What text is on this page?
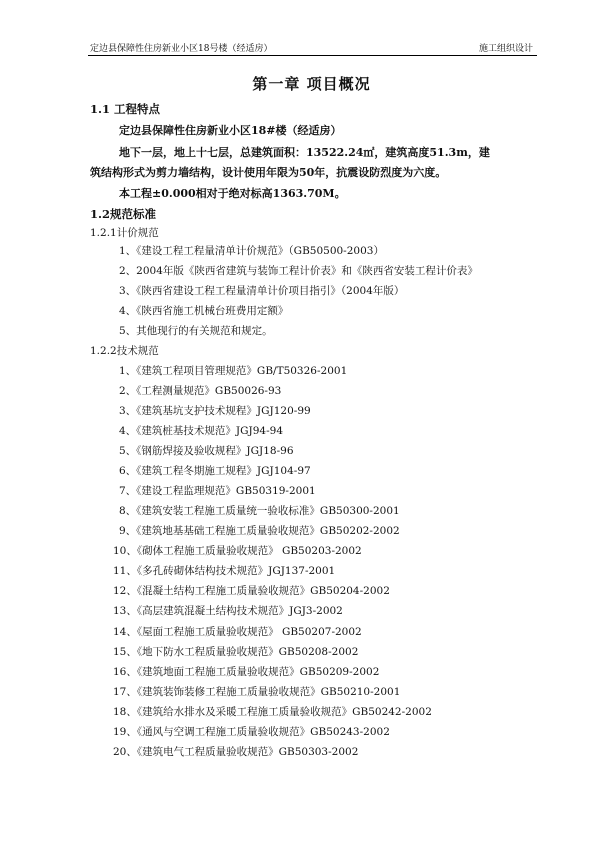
定边县保障性住房新业小区18号楼（经适房）	施工组织设计
第一章 项目概况
1.1 工程特点
定边县保障性住房新业小区18#楼（经适房）
地下一层，地上十七层，总建筑面积：13522.24㎡，建筑高度51.3m，建
筑结构形式为剪力墙结构，设计使用年限为50年，抗震设防烈度为六度。
本工程±0.000相对于绝对标高1363.70M。
1.2规范标准
1.2.1计价规范
1、《建设工程工程量清单计价规范》（GB50500-2003）
2、2004年版《陕西省建筑与装饰工程计价表》和《陕西省安装工程计价表》
3、《陕西省建设工程工程量清单计价项目指引》（2004年版）
4、《陕西省施工机械台班费用定额》
5、其他现行的有关规范和规定。
1.2.2技术规范
1、《建筑工程项目管理规范》GB/T50326-2001
2、《工程测量规范》GB50026-93
3、《建筑基坑支护技术规程》JGJ120-99
4、《建筑桩基技术规范》JGJ94-94
5、《钢筋焊接及验收规程》JGJ18-96
6、《建筑工程冬期施工规程》JGJ104-97
7、《建设工程监理规范》GB50319-2001
8、《建筑安装工程施工质量统一验收标准》GB50300-2001
9、《建筑地基基础工程施工质量验收规范》GB50202-2002
10、《砌体工程施工质量验收规范》 GB50203-2002
11、《多孔砖砌体结构技术规范》JGJ137-2001
12、《混凝土结构工程施工质量验收规范》GB50204-2002
13、《高层建筑混凝土结构技术规范》JGJ3-2002
14、《屋面工程施工质量验收规范》 GB50207-2002
15、《地下防水工程质量验收规范》GB50208-2002
16、《建筑地面工程施工质量验收规范》GB50209-2002
17、《建筑装饰装修工程施工质量验收规范》GB50210-2001
18、《建筑给水排水及采暖工程施工质量验收规范》GB50242-2002
19、《通风与空调工程施工质量验收规范》GB50243-2002
20、《建筑电气工程质量验收规范》GB50303-2002
